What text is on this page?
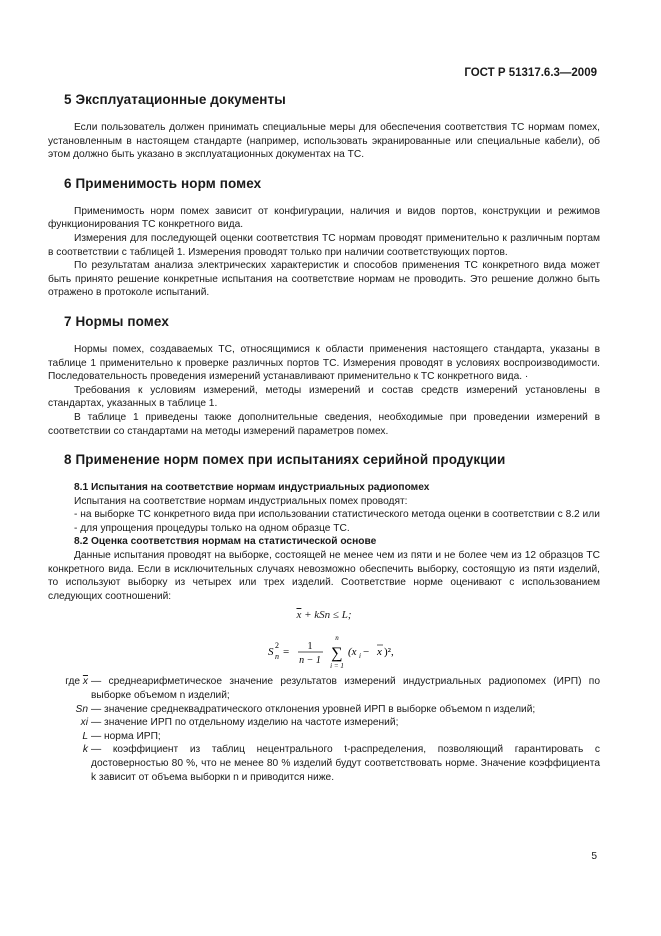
ГОСТ Р 51317.6.3—2009
5 Эксплуатационные документы

Если пользователь должен принимать специальные меры для обеспечения соответствия ТС нормам помех, установленным в настоящем стандарте (например, использовать экранированные или специальные кабели), об этом должно быть указано в эксплуатационных документах на ТС.

6 Применимость норм помех

Применимость норм помех зависит от конфигурации, наличия и видов портов, конструкции и режимов функционирования ТС конкретного вида.

Измерения для последующей оценки соответствия ТС нормам проводят применительно к различным портам в соответствии с таблицей 1. Измерения проводят только при наличии соответствующих портов.

По результатам анализа электрических характеристик и способов применения ТС конкретного вида может быть принято решение конкретные испытания на соответствие нормам не проводить. Это решение должно быть отражено в протоколе испытаний.

7 Нормы помех

Нормы помех, создаваемых ТС, относящимися к области применения настоящего стандарта, указаны в таблице 1 применительно к проверке различных портов ТС. Измерения проводят в условиях воспроизводимости. Последовательность проведения измерений устанавливают применительно к ТС конкретного вида. ·

Требования к условиям измерений, методы измерений и состав средств измерений установлены в стандартах, указанных в таблице 1.

В таблице 1 приведены также дополнительные сведения, необходимые при проведении измерений в соответствии со стандартами на методы измерений параметров помех.

8 Применение норм помех при испытаниях серийной продукции
8.1 Испытания на соответствие нормам индустриальных радиопомех

Испытания на соответствие нормам индустриальных помех проводят:

- на выборке ТС конкретного вида при использовании статистического метода оценки в соответствии с 8.2 или

- для упрощения процедуры только на одном образце ТС.

8.2 Оценка соответствия нормам на статистической основе

Данные испытания проводят на выборке, состоящей не менее чем из пяти и не более чем из 12 образцов ТС конкретного вида. Если в исключительных случаях невозможно обеспечить выборку, состоящую из пяти изделий, то используют выборку из четырех или трех изделий. Соответствие норме оценивают с использованием следующих соотношений:

$\overline{x}$ + kSn ≤ L;
S
2
n = 1
n − 1
n
∑
i = 1
(x i − x )²,
где $\overline{x}$ — среднеарифметическое значение результатов измерений индустриальных радиопомех (ИРП) по выборке объемом n изделий;
Sn — значение среднеквадратического отклонения уровней ИРП в выборке объемом n изделий;
xi — значение ИРП по отдельному изделию на частоте измерений;
L — норма ИРП;
k — коэффициент из таблиц нецентрального t-распределения, позволяющий гарантировать с достоверностью 80 %, что не менее 80 % изделий будут соответствовать норме. Значение коэффициента k зависит от объема выборки n и приводится ниже.
5
